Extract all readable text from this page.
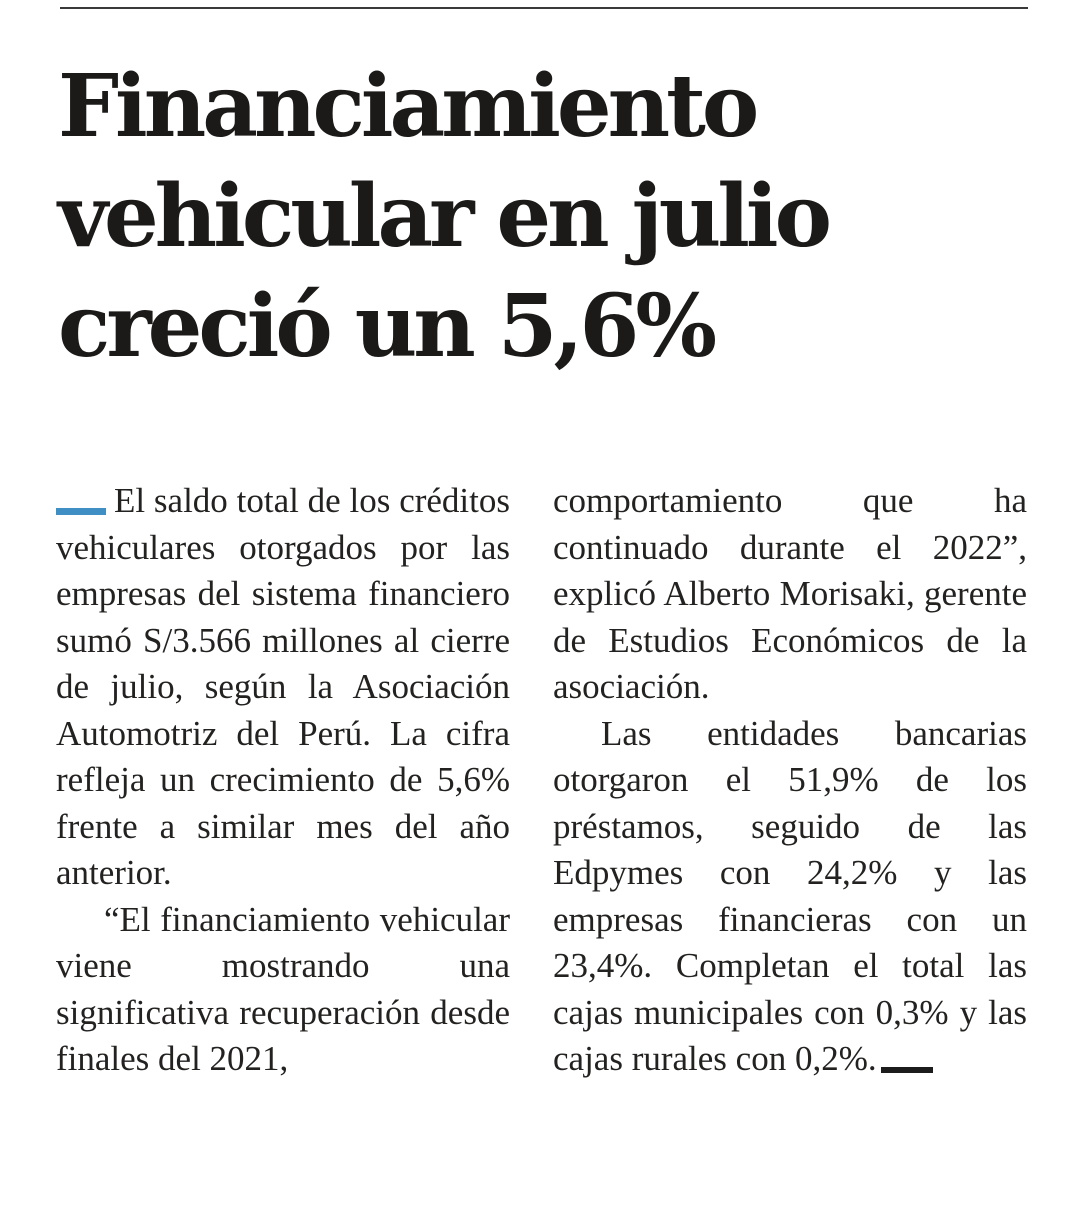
Financiamiento
vehicular en julio
creció un 5,6%

El saldo total de los créditos vehiculares otorgados por las empresas del sistema financiero sumó S/3.566 millones al cierre de julio, según la Asociación Automotriz del Perú. La cifra refleja un crecimiento de 5,6% frente a similar mes del año anterior.

“El financiamiento vehicular viene mostrando una significativa recuperación desde finales del 2021,

comportamiento que ha continuado durante el 2022”, explicó Alberto Morisaki, gerente de Estudios Económicos de la asociación.

Las entidades bancarias otorgaron el 51,9% de los préstamos, seguido de las Edpymes con 24,2% y las empresas financieras con un 23,4%. Completan el total las cajas municipales con 0,3% y las cajas rurales con 0,2%.
